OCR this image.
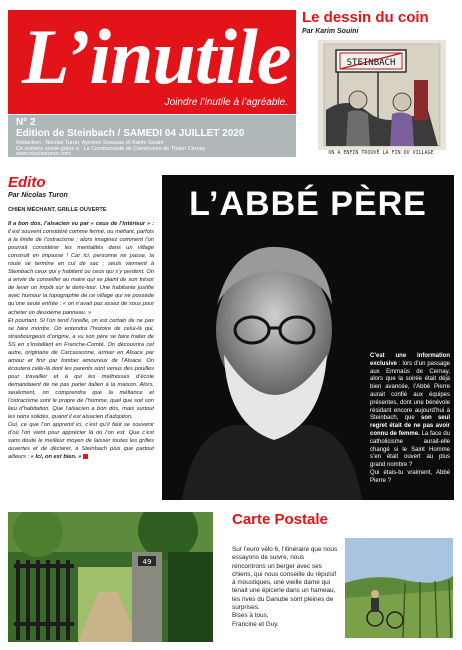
L’inutile
Joindre l’inutile à l’agréable.
N° 2
Edition de Steinbach / SAMEDI 04 JUILLET 2020
Rédaction : Nicolas Turon, Aymeric Seassau et Karim Souini
Ce numéro existe grâce à : La Communauté de Communes de Thann Cernay
www.nicolasturon.com
Le dessin du coin
Par Karim Souini
STEINBACH
ON A ENFIN TROUVÉ LA FIN DU VILLAGE
Edito
Par Nicolas Turon
CHIEN MÉCHANT, GRILLE OUVERTE
Il a bon dos, l’alsacien vu par « ceux de l’intérieur » : il est souvent considéré comme fermé, ou méfiant, parfois à la limite de l’ostracisme ; alors imaginez comment l’on pourrait considérer les mentalités dans un village construit en impasse ! Car ici, personne ne passe, la route se termine en cul de sac ; seuls viennent à Steinbach ceux qui y habitent ou ceux qui s’y perdent. On a envie de conseiller au maire qui se plaint de son trésor de lever un impôt sur le demi-tour. Une habitante justifie avec humour la topographie de ce village qui ne possède qu’une seule entrée : « on n’avait pas assez de sous pour acheter un deuxième panneau. »
Et pourtant. Si l’on tend l’oreille, on est certain de ne pas se faire mordre. On entendra l’histoire de celui-là qui, strasbourgeois d’origine, a vu son père se faire traiter de SS en s’installant en Franche-Comté. On découvrira cet autre, originaire de Carcassonne, arriver en Alsace par amour et finir par tomber amoureux de l’Alsace. On écoutera celle-là dont les parents sont venus des pouilles pour travailler et à qui les maîtresses d’école demandaient de ne pas parler italien à la maison. Alors, seulement, on comprendra que la méfiance et l’ostracisme sont le propre de l’homme, quel que soit son lieu d’habitation. Que l’alsacien a bon dos, mais surtout les reins solides, quand il est alsacien d’adoption.
Oui, ce que l’on apprend ici, c’est qu’il faut se souvenir d’où l’on vient pour apprécier là où l’on est. Que c’est sans doute le meilleur moyen de laisser toutes les grilles ouvertes et de déclarer, à Steinbach plus que partout ailleurs : « Ici, on est bien. »
L’ABBÉ PÈRE
C’est une information exclusive : lors d’un passage aux Emmaüs de Cernay, alors que la soirée était déjà bien avancée, l’Abbé Pierre aurait confié aux équipes présentes, dont une bénévole résidant encore aujourd’hui à Steinbach, que son seul regret était de ne pas avoir connu de femme. La face du catholicisme aurait-elle changé si le Saint Homme s’en était ouvert au plus grand nombre ?
Qui étais-tu vraiment, Abbé Pierre ?
49
Carte Postale
Sur l’euro vélo 6, l’itinéraire que nous essayons de suivre, nous rencontrons un berger avec ses chiens, qui nous conseille du répulsif à moustiques, une vieille dame qui tenait une épicerie dans un hameau, les rives du Danube sont pleines de surprises.
Bises à tous,
Francine et Guy.
